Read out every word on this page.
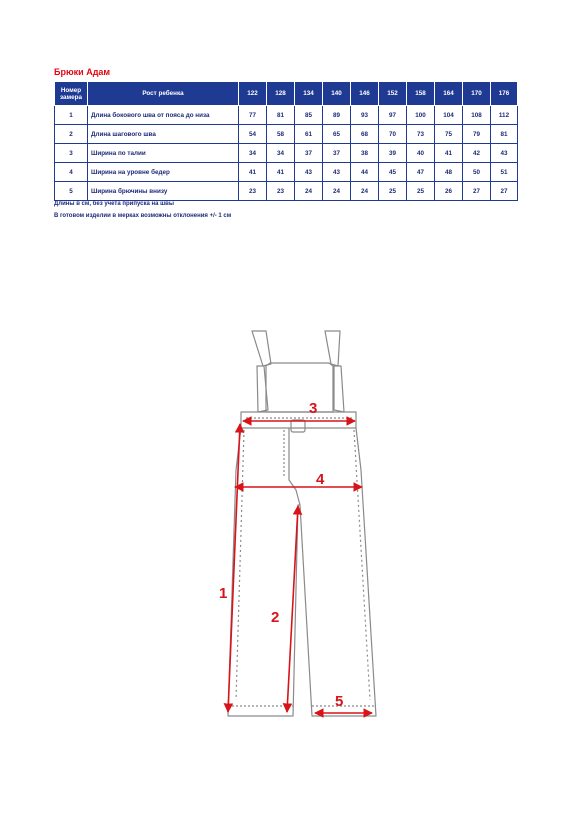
Брюки Адам
Номер замера	Рост ребенка	122	128	134	140	146	152	158	164	170	176
1	Длина бокового шва от пояса до низа	77	81	85	89	93	97	100	104	108	112
2	Длина шагового шва	54	58	61	65	68	70	73	75	79	81
3	Ширина по талии	34	34	37	37	38	39	40	41	42	43
4	Ширина на уровне бедер	41	41	43	43	44	45	47	48	50	51
5	Ширина брючины внизу	23	23	24	24	24	25	25	26	27	27
Длины в см, без учета припуска на швы
В готовом изделии в мерках возможны отклонения +/- 1 см
1
2
3
4
5
